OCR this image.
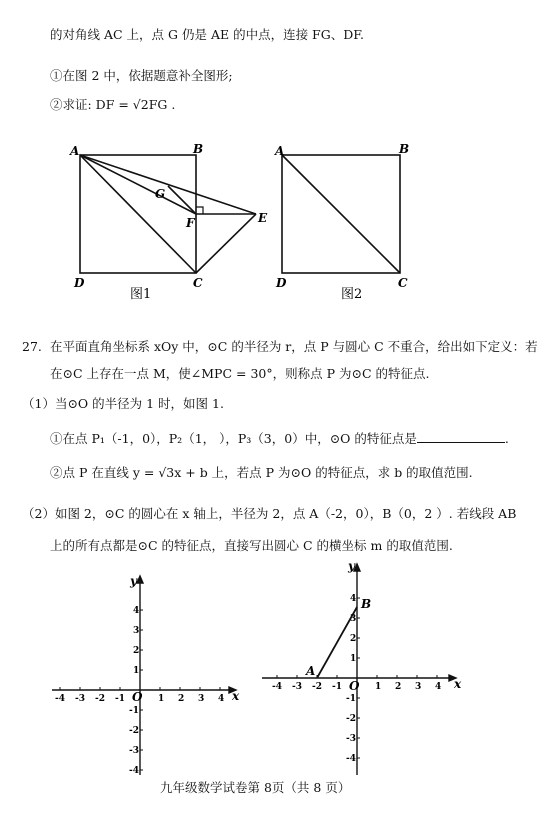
的对角线 AC 上，点 G 仍是 AE 的中点，连接 FG、DF.
①在图 2 中，依据题意补全图形;
②求证: DF = √2FG .
27. 在平面直角坐标系 xOy 中，⊙C 的半径为 r，点 P 与圆心 C 不重合，给出如下定义：若
在⊙C 上存在一点 M，使∠MPC = 30°，则称点 P 为⊙C 的特征点.
（1）当⊙O 的半径为 1 时，如图 1.
①在点 P₁（-1，0），P₂（1， ），P₃（3，0）中，⊙O 的特征点是	.
②点 P 在直线 y = √3x + b 上，若点 P 为⊙O 的特征点，求 b 的取值范围.
（2）如图 2，⊙C 的圆心在 x 轴上，半径为 2，点 A（-2，0），B（0，2 ）. 若线段 AB
上的所有点都是⊙C 的特征点，直接写出圆心 C 的横坐标 m 的取值范围.
九年级数学试卷第 8页（共 8 页）
A	B
C
D
E
F
G
图1
A	B
C
D
图2
-4 -3 -2 -1	1 2 3 4
4
3
2
1
-1
-2
-3
-4
x
y
O
-4 -3 -2 -1	1 2 3 4
4
3
2
1
-1
-2
-3
-4
x
y
O
A
B
